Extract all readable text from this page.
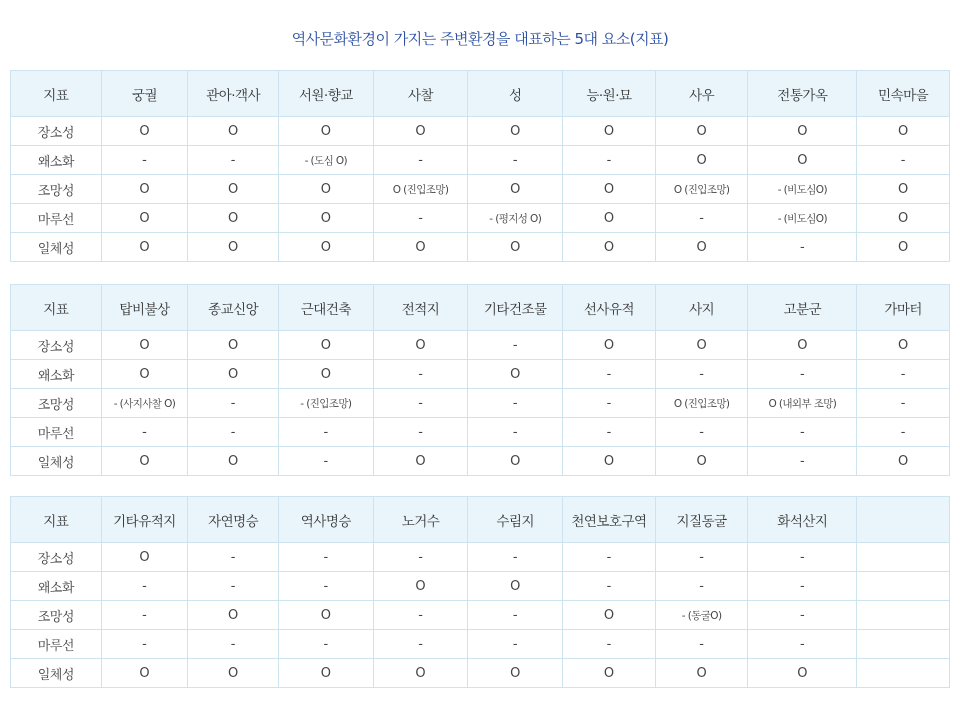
역사문화환경이 가지는 주변환경을 대표하는 5대 요소(지표)
지표	궁궐	관아·객사	서원·향교	사찰	성	능·원·묘	사우	전통가옥	민속마을
장소성	O	O	O	O	O	O	O	O	O
왜소화	-	-	- (도심 O)	-	-	-	O	O	-
조망성	O	O	O	O (진입조망)	O	O	O (진입조망)	- (비도심O)	O
마루선	O	O	O	-	- (평지성 O)	O	-	- (비도심O)	O
일체성	O	O	O	O	O	O	O	-	O
지표	탑비불상	종교신앙	근대건축	전적지	기타건조물	선사유적	사지	고분군	가마터
장소성	O	O	O	O	-	O	O	O	O
왜소화	O	O	O	-	O	-	-	-	-
조망성	- (사지사찰 O)	-	- (진입조망)	-	-	-	O (진입조망)	O (내외부 조망)	-
마루선	-	-	-	-	-	-	-	-	-
일체성	O	O	-	O	O	O	O	-	O
지표	기타유적지	자연명승	역사명승	노거수	수림지	천연보호구역	지질동굴	화석산지	
장소성	O	-	-	-	-	-	-	-	
왜소화	-	-	-	O	O	-	-	-	
조망성	-	O	O	-	-	O	- (동굴O)	-	
마루선	-	-	-	-	-	-	-	-	
일체성	O	O	O	O	O	O	O	O	
